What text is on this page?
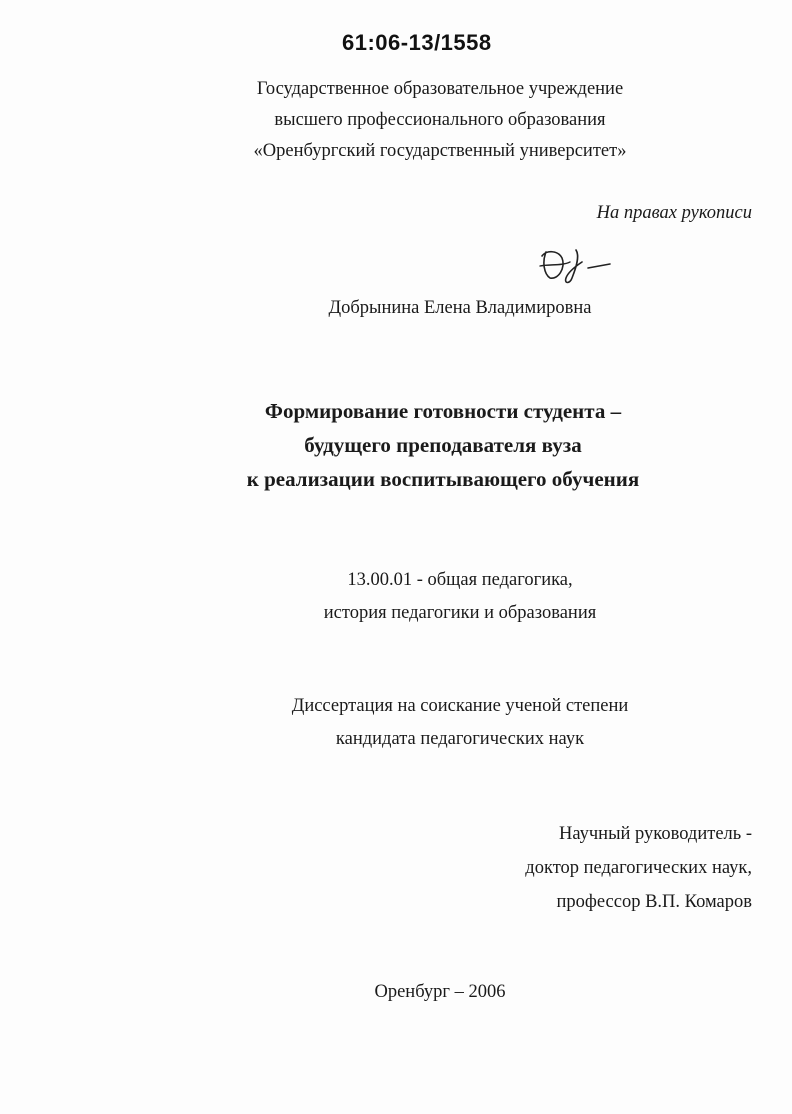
61:06-13/1558
Государственное образовательное учреждение
высшего профессионального образования
«Оренбургский государственный университет»
На правах рукописи
Добрынина Елена Владимировна
Формирование готовности студента –
будущего преподавателя вуза
к реализации воспитывающего обучения
13.00.01 - общая педагогика,
история педагогики и образования
Диссертация на соискание ученой степени
кандидата педагогических наук
Научный руководитель -
доктор педагогических наук,
профессор В.П. Комаров
Оренбург – 2006
